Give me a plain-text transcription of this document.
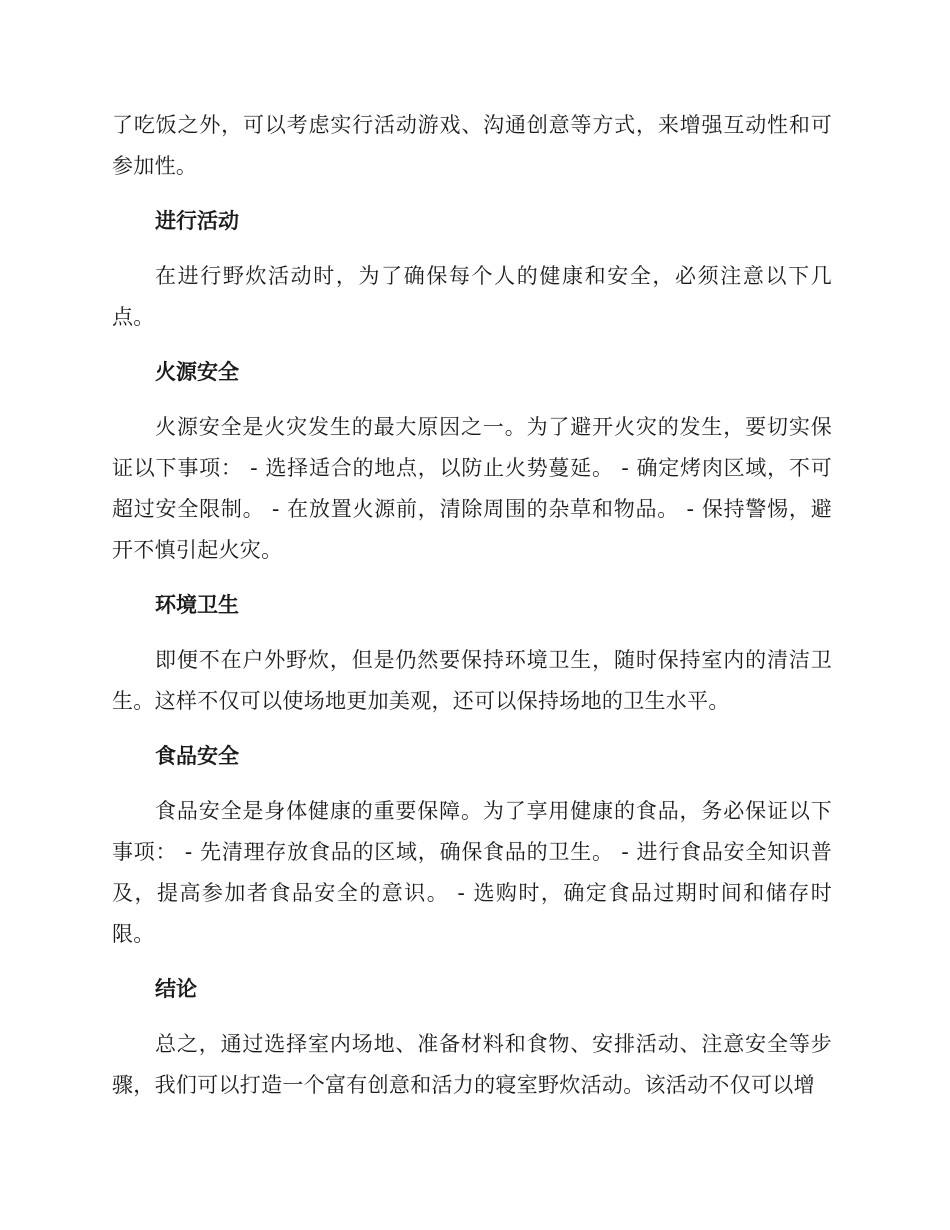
了吃饭之外，可以考虑实行活动游戏、沟通创意等方式，来增强互动性和可参加性。

进行活动

在进行野炊活动时，为了确保每个人的健康和安全，必须注意以下几点。

火源安全

火源安全是火灾发生的最大原因之一。为了避开火灾的发生，要切实保证以下事项： - 选择适合的地点，以防止火势蔓延。 - 确定烤肉区域，不可超过安全限制。 - 在放置火源前，清除周围的杂草和物品。 - 保持警惕，避开不慎引起火灾。

环境卫生

即便不在户外野炊，但是仍然要保持环境卫生，随时保持室内的清洁卫生。这样不仅可以使场地更加美观，还可以保持场地的卫生水平。

食品安全

食品安全是身体健康的重要保障。为了享用健康的食品，务必保证以下事项： - 先清理存放食品的区域，确保食品的卫生。 - 进行食品安全知识普及，提高参加者食品安全的意识。 - 选购时，确定食品过期时间和储存时限。

结论

总之，通过选择室内场地、准备材料和食物、安排活动、注意安全等步骤，我们可以打造一个富有创意和活力的寝室野炊活动。该活动不仅可以增
